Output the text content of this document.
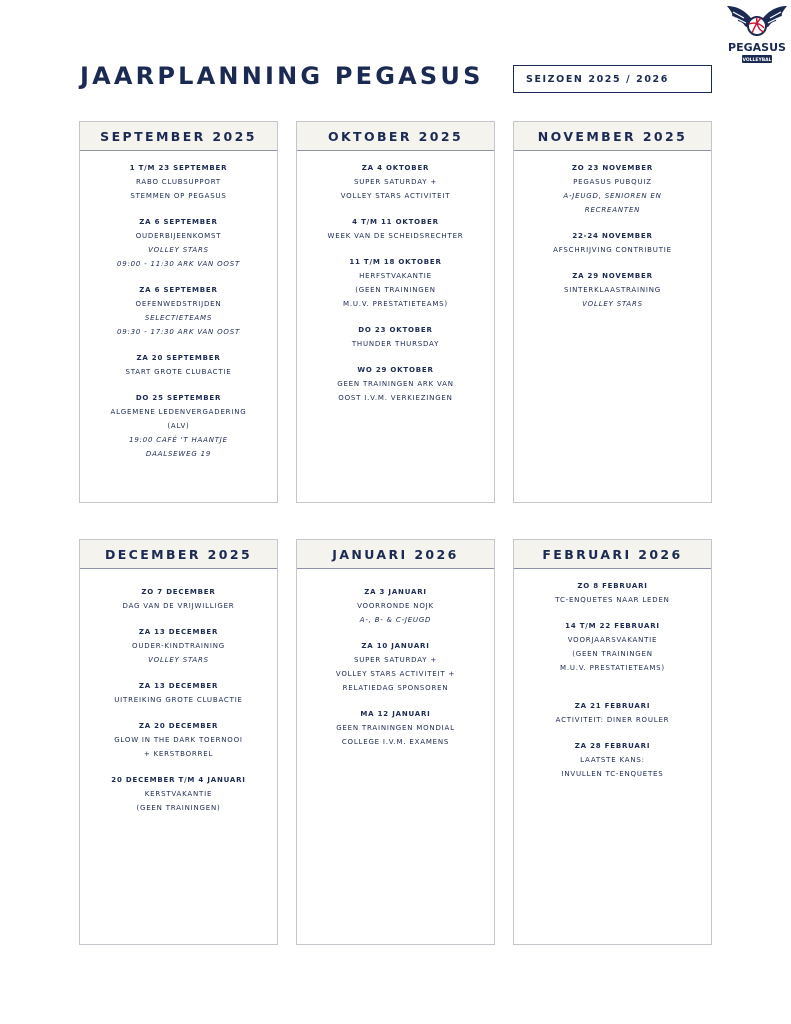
PEGASUS
VOLLEYBAL
JAARPLANNING PEGASUS	SEIZOEN 2025 / 2026
SEPTEMBER 2025
1 T/M 23 SEPTEMBER
RABO CLUBSUPPORT
STEMMEN OP PEGASUS
ZA 6 SEPTEMBER
OUDERBIJEENKOMST
VOLLEY STARS
09:00 - 11:30 ARK VAN OOST
ZA 6 SEPTEMBER
OEFENWEDSTRIJDEN
SELECTIETEAMS
09:30 - 17:30 ARK VAN OOST
ZA 20 SEPTEMBER
START GROTE CLUBACTIE
DO 25 SEPTEMBER
ALGEMENE LEDENVERGADERING
(ALV)
19:00 CAFÉ 'T HAANTJE
DAALSEWEG 19
OKTOBER 2025
ZA 4 OKTOBER
SUPER SATURDAY +
VOLLEY STARS ACTIVITEIT
4 T/M 11 OKTOBER
WEEK VAN DE SCHEIDSRECHTER
11 T/M 18 OKTOBER
HERFSTVAKANTIE
(GEEN TRAININGEN
M.U.V. PRESTATIETEAMS)
DO 23 OKTOBER
THUNDER THURSDAY
WO 29 OKTOBER
GEEN TRAININGEN ARK VAN
OOST I.V.M. VERKIEZINGEN
NOVEMBER 2025
ZO 23 NOVEMBER
PEGASUS PUBQUIZ
A-JEUGD, SENIOREN EN
RECREANTEN
22-24 NOVEMBER
AFSCHRIJVING CONTRIBUTIE
ZA 29 NOVEMBER
SINTERKLAASTRAINING
VOLLEY STARS
DECEMBER 2025
ZO 7 DECEMBER
DAG VAN DE VRIJWILLIGER
ZA 13 DECEMBER
OUDER-KINDTRAINING
VOLLEY STARS
ZA 13 DECEMBER
UITREIKING GROTE CLUBACTIE
ZA 20 DECEMBER
GLOW IN THE DARK TOERNOOI
+ KERSTBORREL
20 DECEMBER T/M 4 JANUARI
KERSTVAKANTIE
(GEEN TRAININGEN)
JANUARI 2026
ZA 3 JANUARI
VOORRONDE NOJK
A-, B- & C-JEUGD
ZA 10 JANUARI
SUPER SATURDAY +
VOLLEY STARS ACTIVITEIT +
RELATIEDAG SPONSOREN
MA 12 JANUARI
GEEN TRAININGEN MONDIAL
COLLEGE I.V.M. EXAMENS
FEBRUARI 2026
ZO 8 FEBRUARI
TC-ENQUETES NAAR LEDEN
14 T/M 22 FEBRUARI
VOORJAARSVAKANTIE
(GEEN TRAININGEN
M.U.V. PRESTATIETEAMS)
ZA 21 FEBRUARI
ACTIVITEIT: DINER ROULER
ZA 28 FEBRUARI
LAATSTE KANS:
INVULLEN TC-ENQUETES
